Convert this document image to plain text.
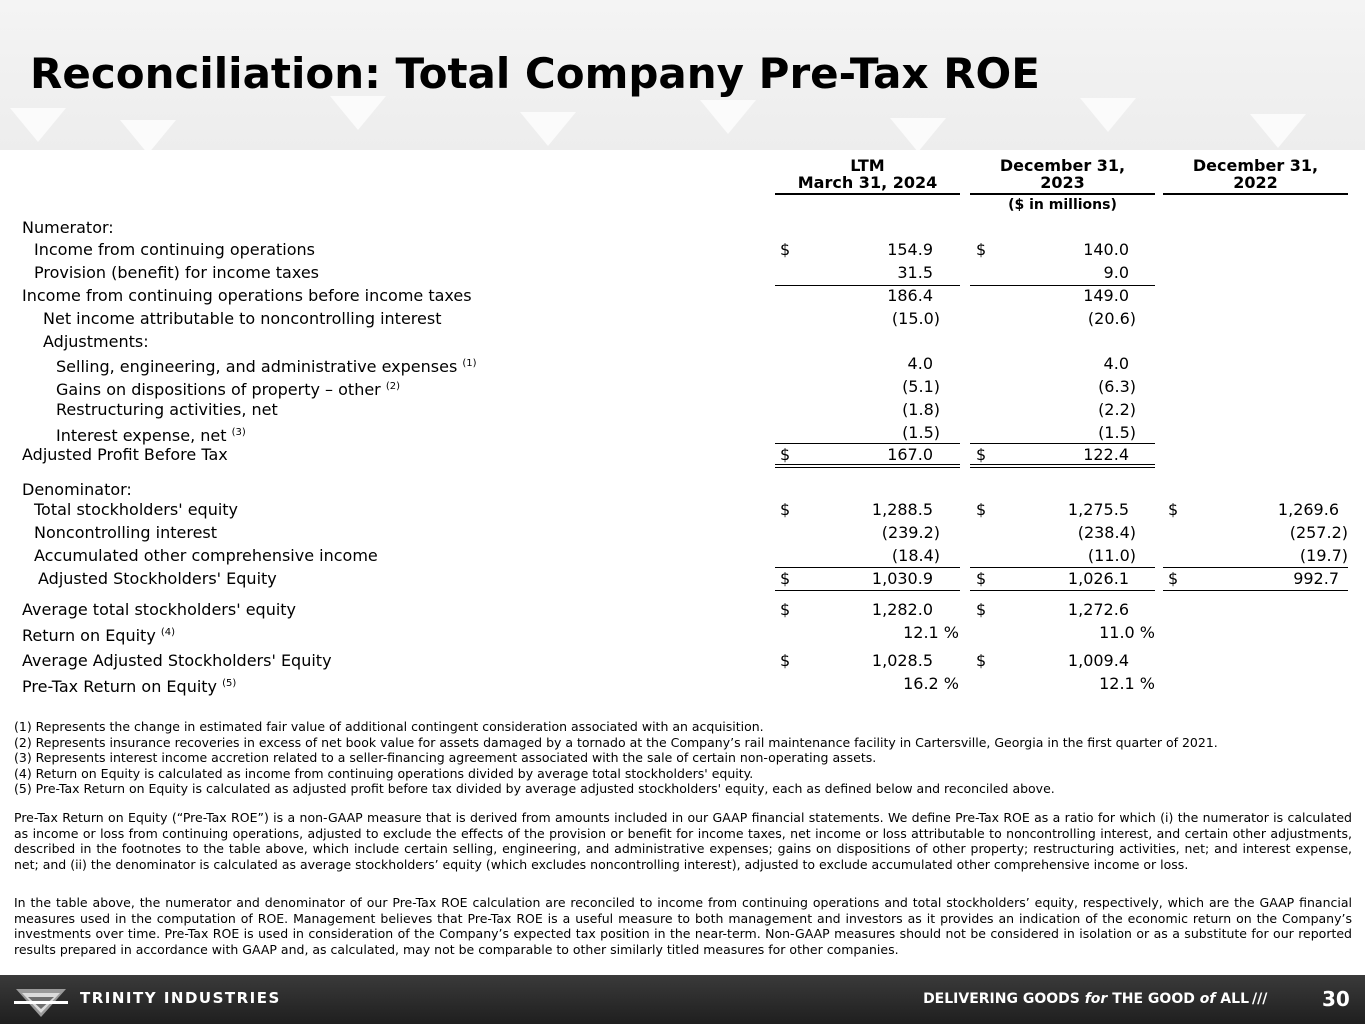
Reconciliation: Total Company Pre-Tax ROE
LTM
March 31, 2024
December 31,
2023
December 31,
2022
($ in millions)
Numerator:
Income from continuing operations	$	154.9	$	140.0
Provision (benefit) for income taxes	31.5	9.0
Income from continuing operations before income taxes	186.4	149.0
Net income attributable to noncontrolling interest	(15.0)	(20.6)
Adjustments:
Selling, engineering, and administrative expenses $^{(1)}$	4.0	4.0
Gains on dispositions of property – other $^{(2)}$	(5.1)	(6.3)
Restructuring activities, net	(1.8)	(2.2)
Interest expense, net $^{(3)}$	(1.5)	(1.5)
Adjusted Profit Before Tax	$	167.0	$	122.4
Denominator:
Total stockholders' equity	$	1,288.5	$	1,275.5 $	1,269.6
Noncontrolling interest	(239.2)	(238.4)	(257.2)
Accumulated other comprehensive income	(18.4)	(11.0)	(19.7)
Adjusted Stockholders' Equity	$	1,030.9	$	1,026.1 $	992.7
Average total stockholders' equity	$	1,282.0	$	1,272.6
Return on Equity $^{(4)}$	12.1 %	11.0 %
Average Adjusted Stockholders' Equity	$	1,028.5	$	1,009.4
Pre-Tax Return on Equity $^{(5)}$	16.2 %	12.1 %

(1) Represents the change in estimated fair value of additional contingent consideration associated with an acquisition.

(2) Represents insurance recoveries in excess of net book value for assets damaged by a tornado at the Company’s rail maintenance facility in Cartersville, Georgia in the first quarter of 2021.

(3) Represents interest income accretion related to a seller-financing agreement associated with the sale of certain non-operating assets.

(4) Return on Equity is calculated as income from continuing operations divided by average total stockholders' equity.

(5) Pre-Tax Return on Equity is calculated as adjusted profit before tax divided by average adjusted stockholders' equity, each as defined below and reconciled above.

Pre-Tax Return on Equity (“Pre-Tax ROE”) is a non-GAAP measure that is derived from amounts included in our GAAP financial statements. We define Pre-Tax ROE as a ratio for which (i) the numerator is calculated as income or loss from continuing operations, adjusted to exclude the effects of the provision or benefit for income taxes, net income or loss attributable to noncontrolling interest, and certain other adjustments, described in the footnotes to the table above, which include certain selling, engineering, and administrative expenses; gains on dispositions of other property; restructuring activities, net; and interest expense, net; and (ii) the denominator is calculated as average stockholders’ equity (which excludes noncontrolling interest), adjusted to exclude accumulated other comprehensive income or loss.

In the table above, the numerator and denominator of our Pre-Tax ROE calculation are reconciled to income from continuing operations and total stockholders’ equity, respectively, which are the GAAP financial measures used in the computation of ROE. Management believes that Pre-Tax ROE is a useful measure to both management and investors as it provides an indication of the economic return on the Company’s investments over time. Pre-Tax ROE is used in consideration of the Company’s expected tax position in the near-term. Non-GAAP measures should not be considered in isolation or as a substitute for our reported results prepared in accordance with GAAP and, as calculated, may not be comparable to other similarly titled measures for other companies.

TRINITY INDUSTRIES	DELIVERING GOODS for THE GOOD of ALL ///	30
